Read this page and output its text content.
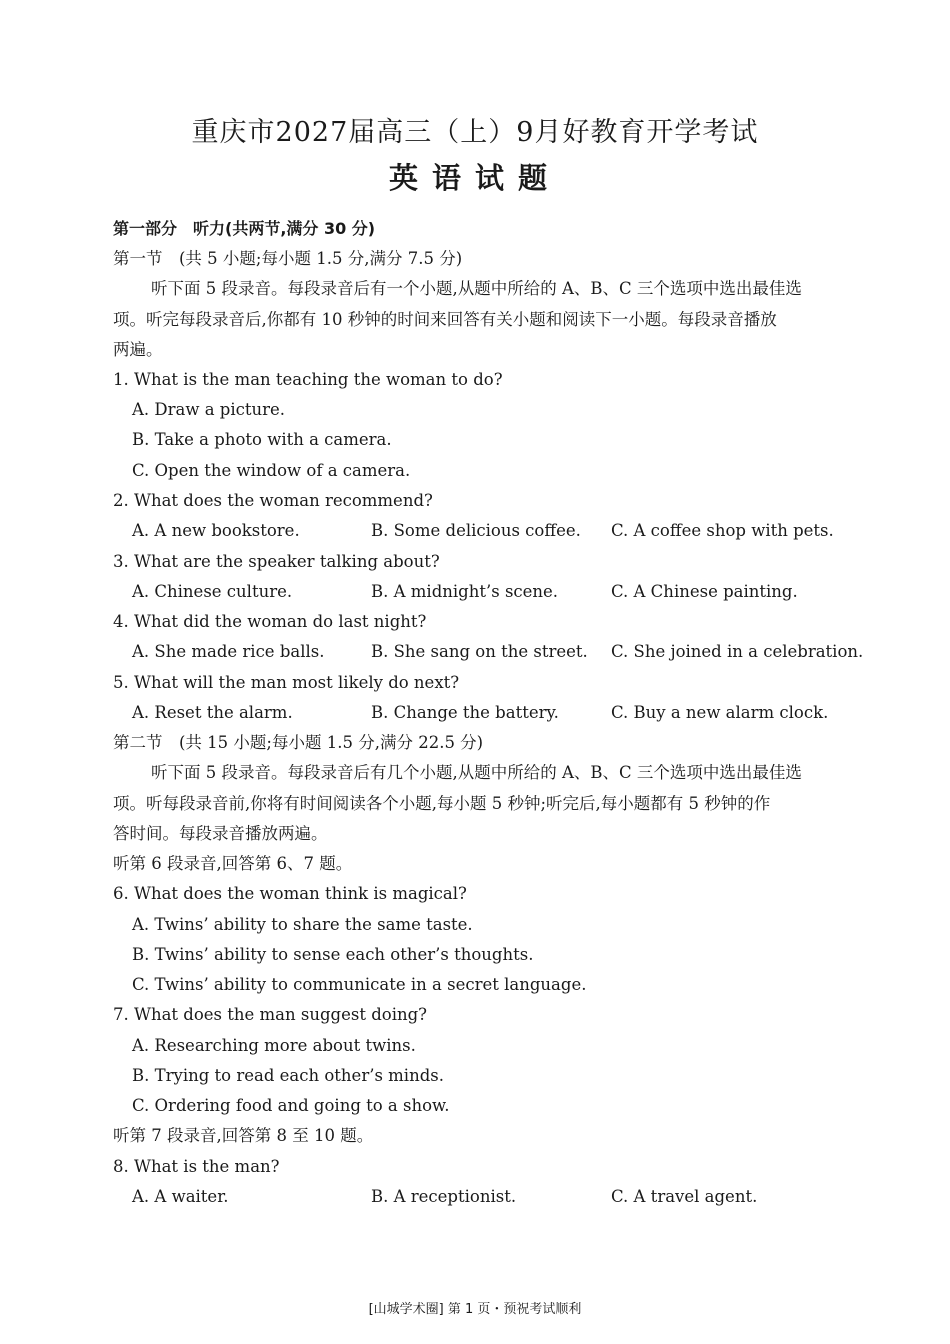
重庆市2027届高三（上）9月好教育开学考试
英语试题
第一部分　听力(共两节,满分 30 分)
第一节　(共 5 小题;每小题 1.5 分,满分 7.5 分)
听下面 5 段录音。每段录音后有一个小题,从题中所给的 A、B、C 三个选项中选出最佳选
项。听完每段录音后,你都有 10 秒钟的时间来回答有关小题和阅读下一小题。每段录音播放
两遍。
1. What is the man teaching the woman to do?
A. Draw a picture.
B. Take a photo with a camera.
C. Open the window of a camera.
2. What does the woman recommend?
A. A new bookstore.	B. Some delicious coffee. C. A coffee shop with pets.
3. What are the speaker talking about?
A. Chinese culture.	B. A midnight’s scene.	C. A Chinese painting.
4. What did the woman do last night?
A. She made rice balls.	B. She sang on the street. C. She joined in a celebration.
5. What will the man most likely do next?
A. Reset the alarm.	B. Change the battery.	C. Buy a new alarm clock.
第二节　(共 15 小题;每小题 1.5 分,满分 22.5 分)
听下面 5 段录音。每段录音后有几个小题,从题中所给的 A、B、C 三个选项中选出最佳选
项。听每段录音前,你将有时间阅读各个小题,每小题 5 秒钟;听完后,每小题都有 5 秒钟的作
答时间。每段录音播放两遍。
听第 6 段录音,回答第 6、7 题。
6. What does the woman think is magical?
A. Twins’ ability to share the same taste.
B. Twins’ ability to sense each other’s thoughts.
C. Twins’ ability to communicate in a secret language.
7. What does the man suggest doing?
A. Researching more about twins.
B. Trying to read each other’s minds.
C. Ordering food and going to a show.
听第 7 段录音,回答第 8 至 10 题。
8. What is the man?
A. A waiter.	B. A receptionist.	C. A travel agent.
[山城学术圈] 第 1 页・预祝考试顺利
